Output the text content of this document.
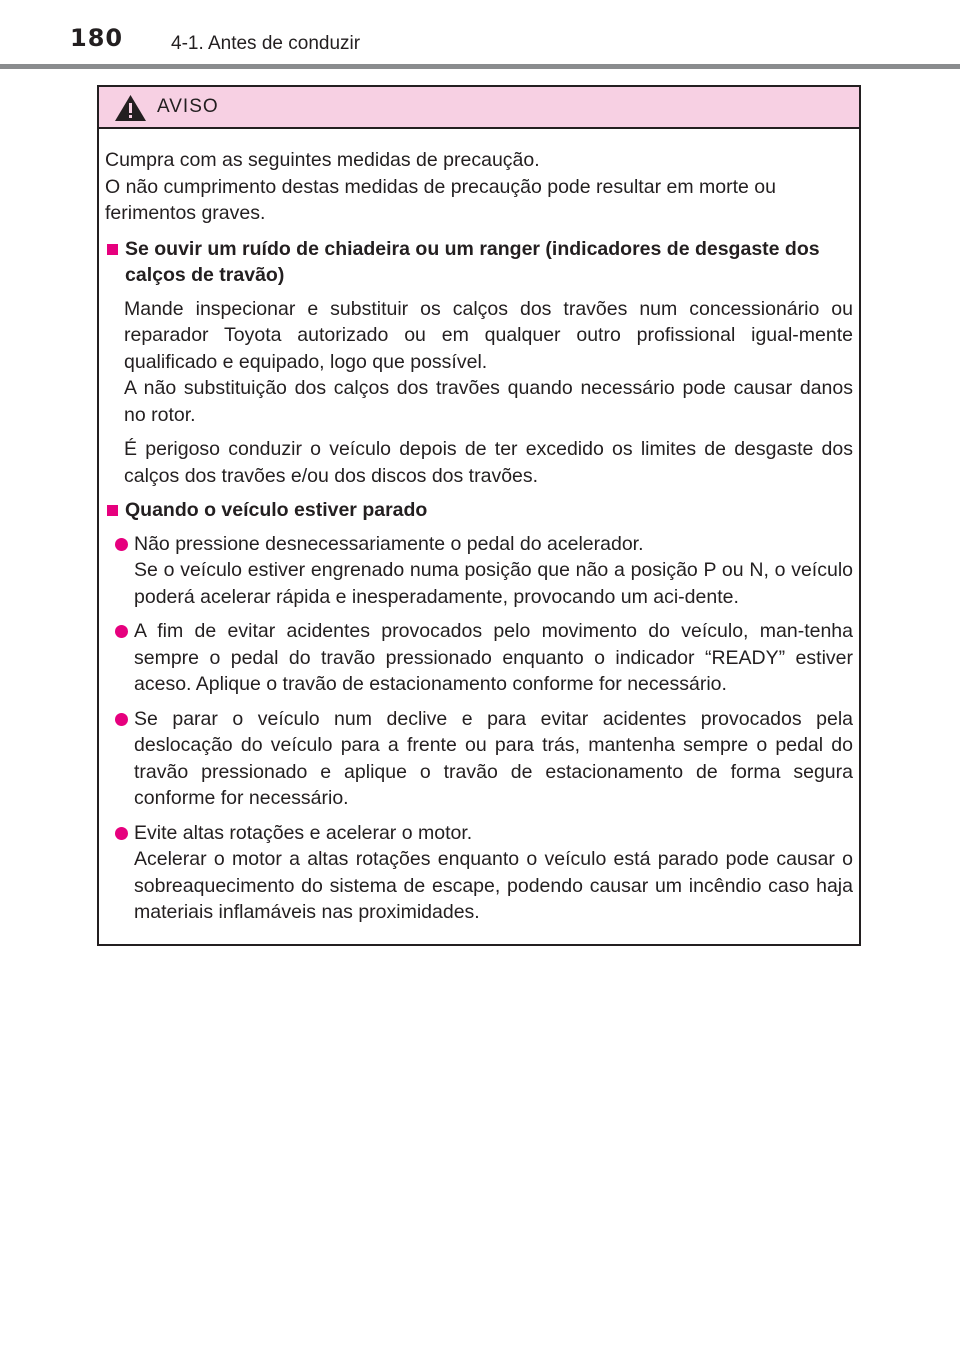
180	4-1. Antes de conduzir
AVISO

Cumpra com as seguintes medidas de precaução.

O não cumprimento destas medidas de precaução pode resultar em morte ou ferimentos graves.

Se ouvir um ruído de chiadeira ou um ranger (indicadores de desgaste dos calços de travão)

Mande inspecionar e substituir os calços dos travões num concessionário ou reparador Toyota autorizado ou em qualquer outro profissional igual-mente qualificado e equipado, logo que possível.

A não substituição dos calços dos travões quando necessário pode causar danos no rotor.

É perigoso conduzir o veículo depois de ter excedido os limites de desgaste dos calços dos travões e/ou dos discos dos travões.

Quando o veículo estiver parado

Não pressione desnecessariamente o pedal do acelerador.

Se o veículo estiver engrenado numa posição que não a posição P ou N, o veículo poderá acelerar rápida e inesperadamente, provocando um aci-dente.

A fim de evitar acidentes provocados pelo movimento do veículo, man-tenha sempre o pedal do travão pressionado enquanto o indicador “READY” estiver aceso. Aplique o travão de estacionamento conforme for necessário.

Se parar o veículo num declive e para evitar acidentes provocados pela deslocação do veículo para a frente ou para trás, mantenha sempre o pedal do travão pressionado e aplique o travão de estacionamento de forma segura conforme for necessário.

Evite altas rotações e acelerar o motor.

Acelerar o motor a altas rotações enquanto o veículo está parado pode causar o sobreaquecimento do sistema de escape, podendo causar um incêndio caso haja materiais inflamáveis nas proximidades.
